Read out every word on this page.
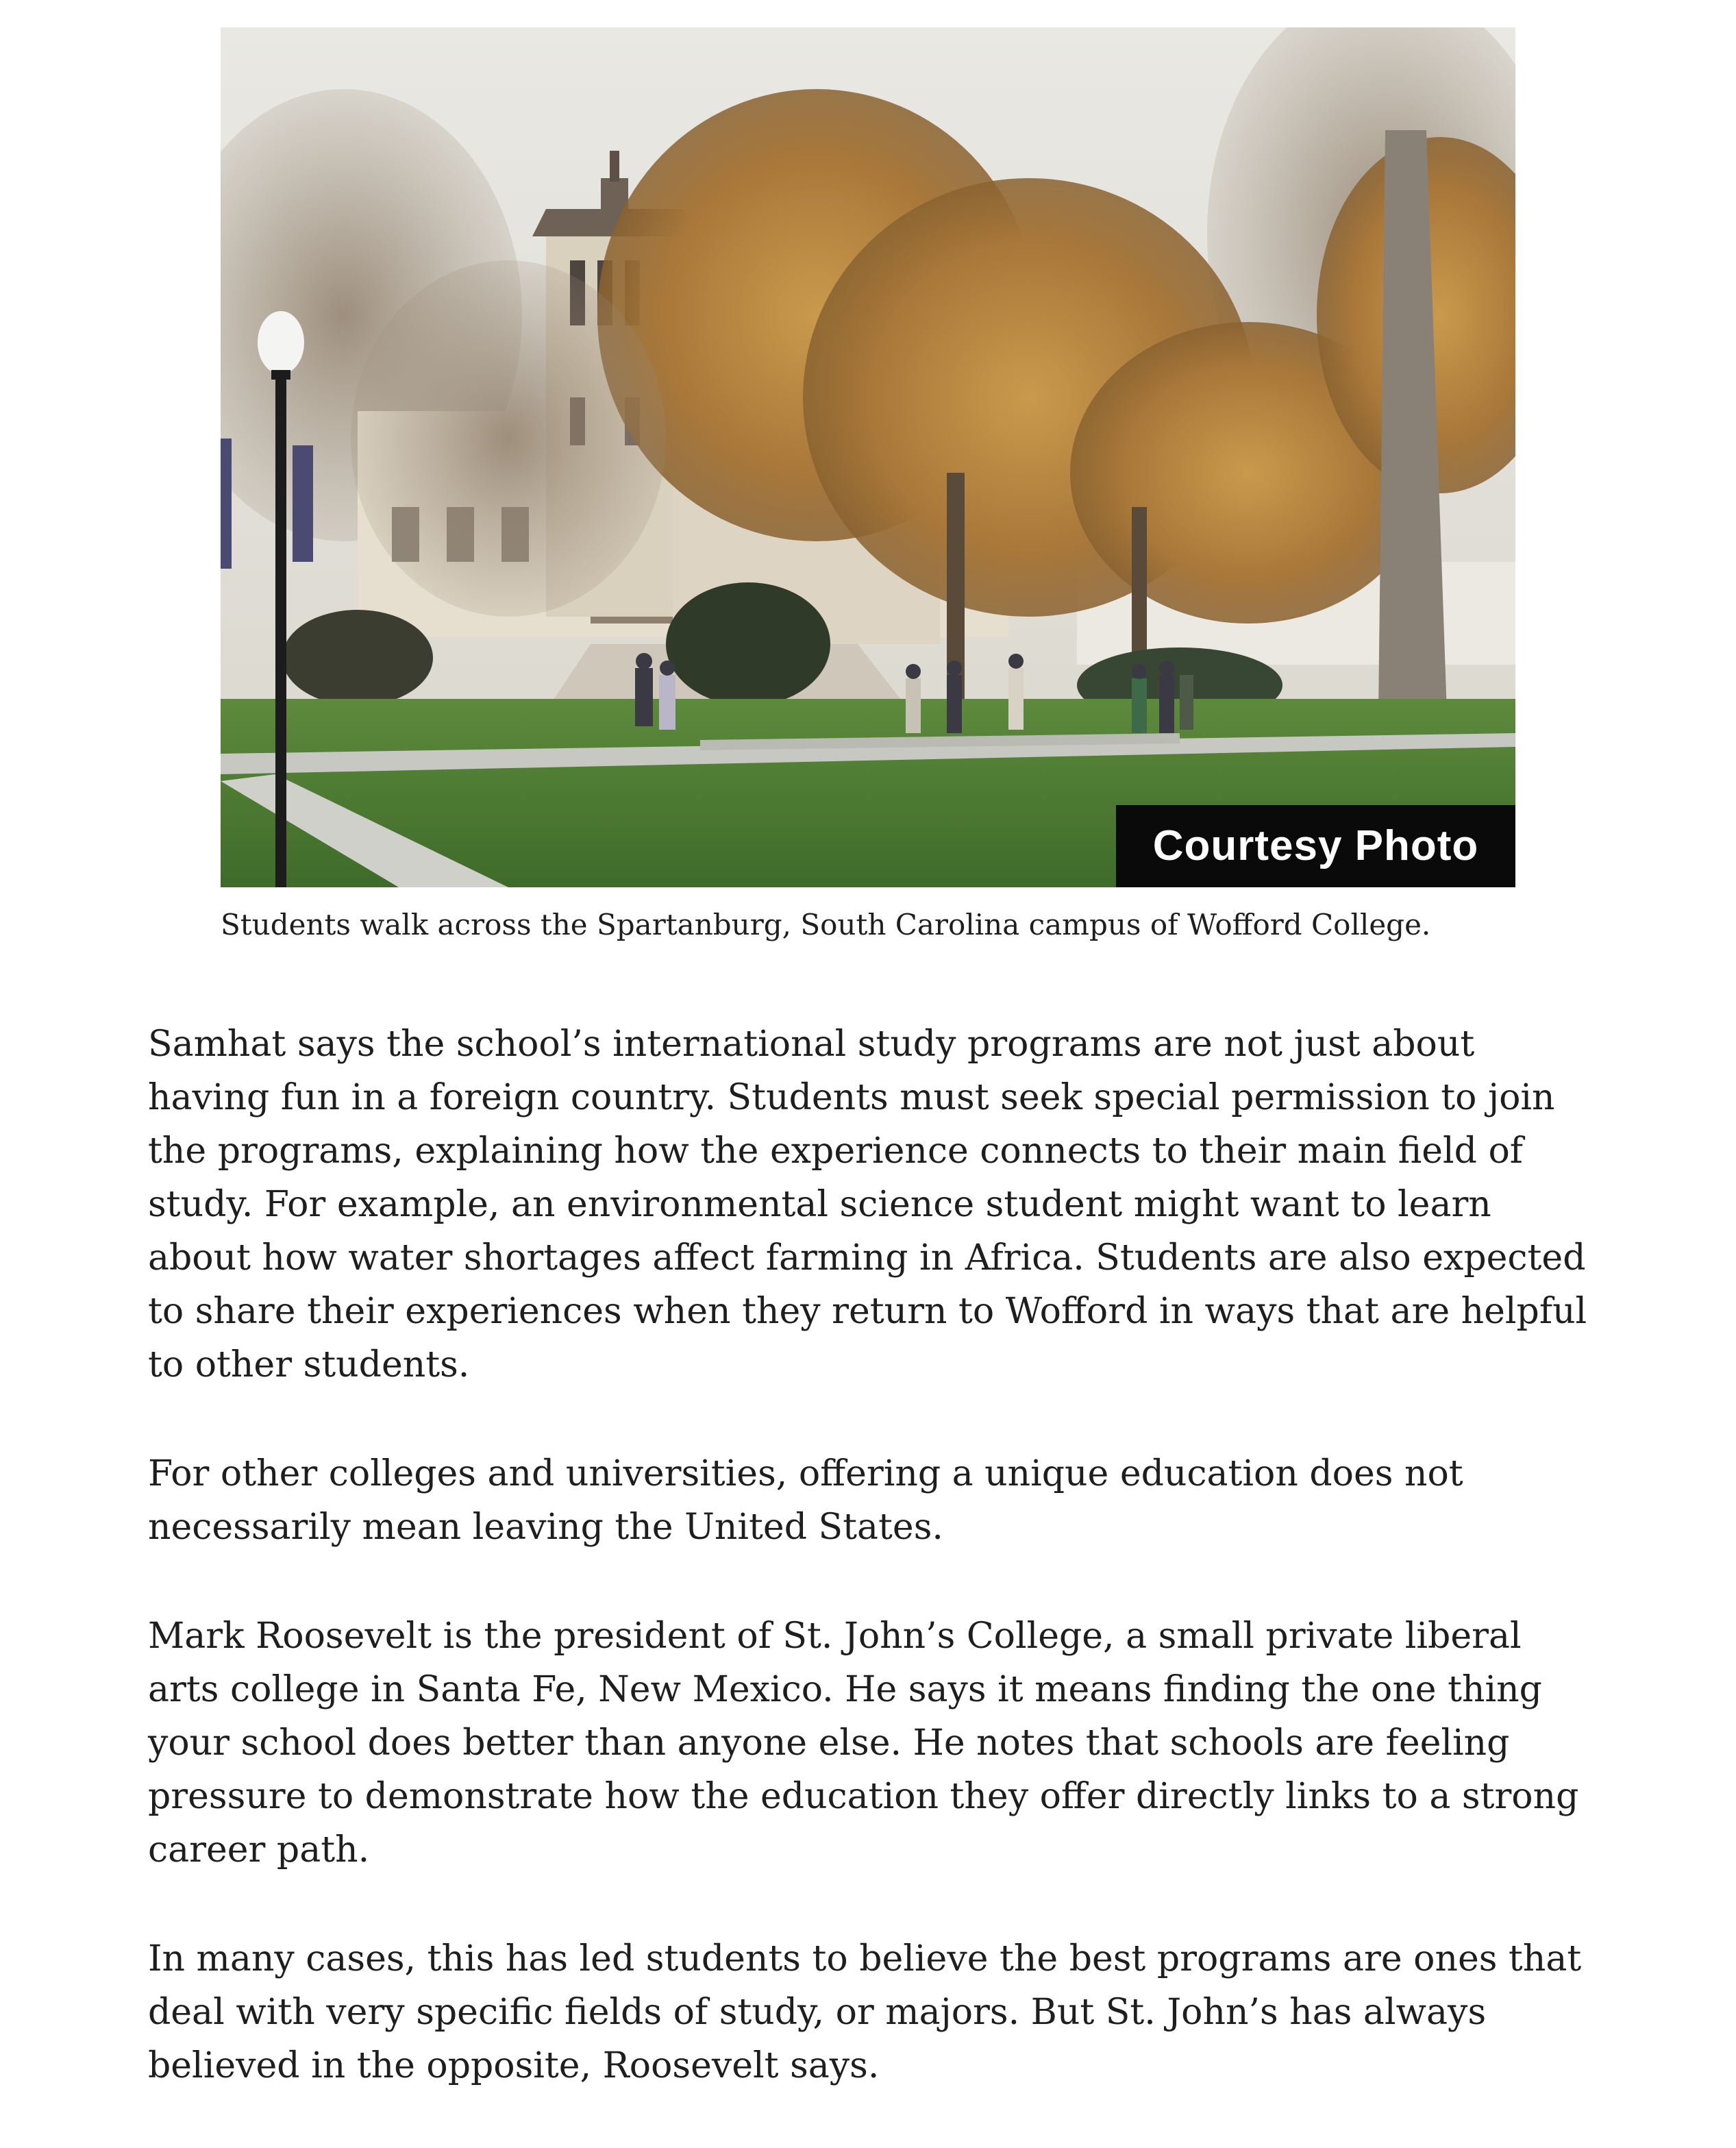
Courtesy Photo
Students walk across the Spartanburg, South Carolina campus of Wofford College.

Samhat says the school’s international study programs are not just about having fun in a foreign country. Students must seek special permission to join the programs, explaining how the experience connects to their main field of study. For example, an environmental science student might want to learn about how water shortages affect farming in Africa. Students are also expected to share their experiences when they return to Wofford in ways that are helpful to other students.

For other colleges and universities, offering a unique education does not necessarily mean leaving the United States.

Mark Roosevelt is the president of St. John’s College, a small private liberal arts college in Santa Fe, New Mexico. He says it means finding the one thing your school does better than anyone else. He notes that schools are feeling pressure to demonstrate how the education they offer directly links to a strong career path.

In many cases, this has led students to believe the best programs are ones that deal with very specific fields of study, or majors. But St. John’s has always believed in the opposite, Roosevelt says.
